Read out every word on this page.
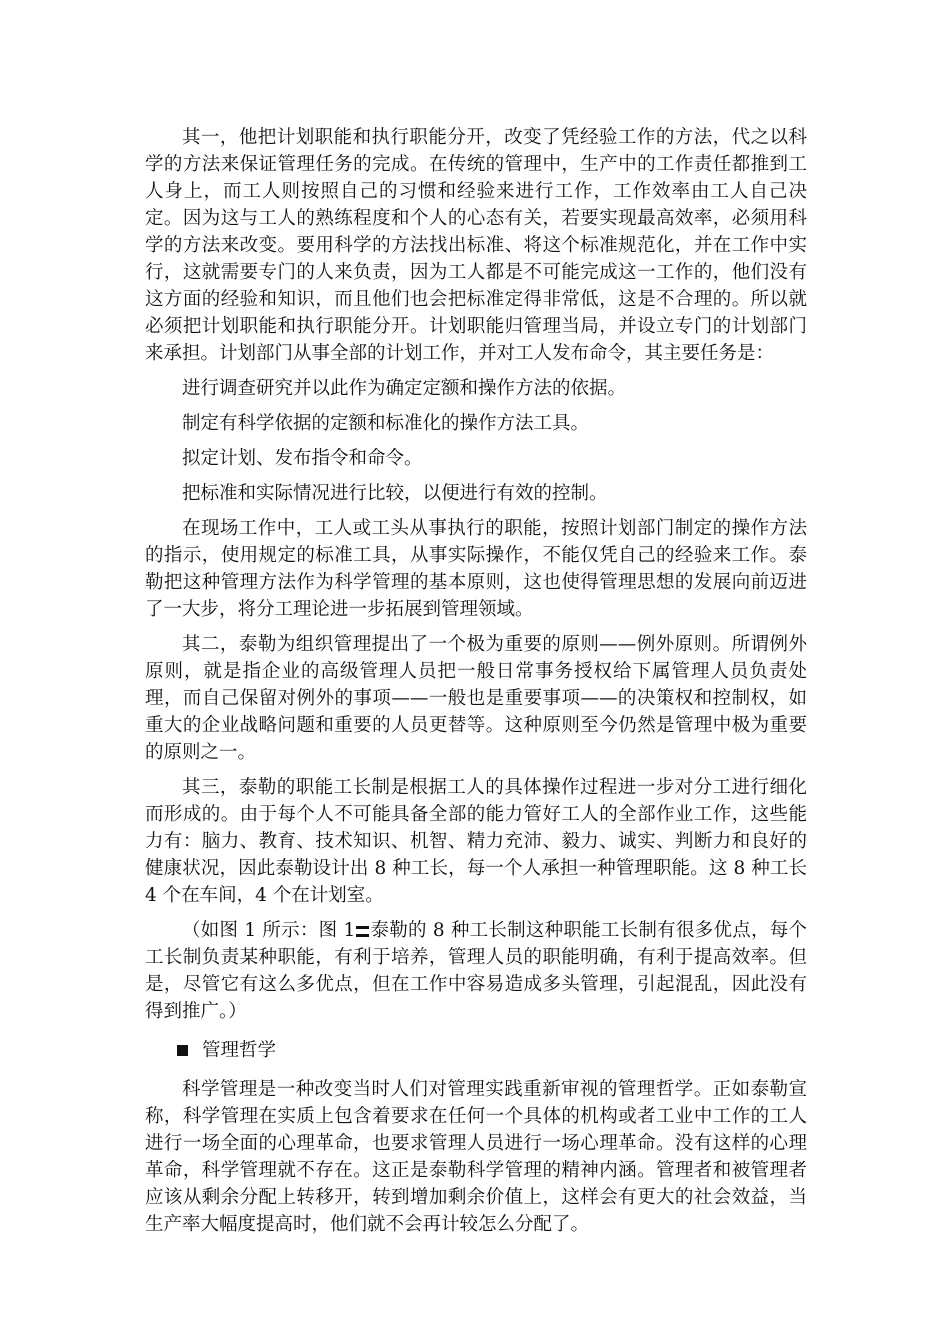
其一，他把计划职能和执行职能分开，改变了凭经验工作的方法，代之以科学的方法来保证管理任务的完成。在传统的管理中，生产中的工作责任都推到工人身上，而工人则按照自己的习惯和经验来进行工作，工作效率由工人自己决定。因为这与工人的熟练程度和个人的心态有关，若要实现最高效率，必须用科学的方法来改变。要用科学的方法找出标准、将这个标准规范化，并在工作中实行，这就需要专门的人来负责，因为工人都是不可能完成这一工作的，他们没有这方面的经验和知识，而且他们也会把标准定得非常低，这是不合理的。所以就必须把计划职能和执行职能分开。计划职能归管理当局，并设立专门的计划部门来承担。计划部门从事全部的计划工作，并对工人发布命令，其主要任务是：

进行调查研究并以此作为确定定额和操作方法的依据。

制定有科学依据的定额和标准化的操作方法工具。

拟定计划、发布指令和命令。

把标准和实际情况进行比较，以便进行有效的控制。

在现场工作中，工人或工头从事执行的职能，按照计划部门制定的操作方法的指示，使用规定的标准工具，从事实际操作，不能仅凭自己的经验来工作。泰勒把这种管理方法作为科学管理的基本原则，这也使得管理思想的发展向前迈进了一大步，将分工理论进一步拓展到管理领域。

其二，泰勒为组织管理提出了一个极为重要的原则——例外原则。所谓例外原则，就是指企业的高级管理人员把一般日常事务授权给下属管理人员负责处理，而自己保留对例外的事项——一般也是重要事项——的决策权和控制权，如重大的企业战略问题和重要的人员更替等。这种原则至今仍然是管理中极为重要的原则之一。

其三，泰勒的职能工长制是根据工人的具体操作过程进一步对分工进行细化而形成的。由于每个人不可能具备全部的能力管好工人的全部作业工作，这些能力有：脑力、教育、技术知识、机智、精力充沛、毅力、诚实、判断力和良好的健康状况，因此泰勒设计出 8 种工长，每一个人承担一种管理职能。这 8 种工长 4 个在车间，4 个在计划室。

（如图 1 所示：图 1 泰勒的 8 种工长制这种职能工长制有很多优点，每个工长制负责某种职能，有利于培养，管理人员的职能明确，有利于提高效率。但是，尽管它有这么多优点，但在工作中容易造成多头管理，引起混乱，因此没有得到推广。）

管理哲学

科学管理是一种改变当时人们对管理实践重新审视的管理哲学。正如泰勒宣称，科学管理在实质上包含着要求在任何一个具体的机构或者工业中工作的工人进行一场全面的心理革命，也要求管理人员进行一场心理革命。没有这样的心理革命，科学管理就不存在。这正是泰勒科学管理的精神内涵。管理者和被管理者应该从剩余分配上转移开，转到增加剩余价值上，这样会有更大的社会效益，当生产率大幅度提高时，他们就不会再计较怎么分配了。
